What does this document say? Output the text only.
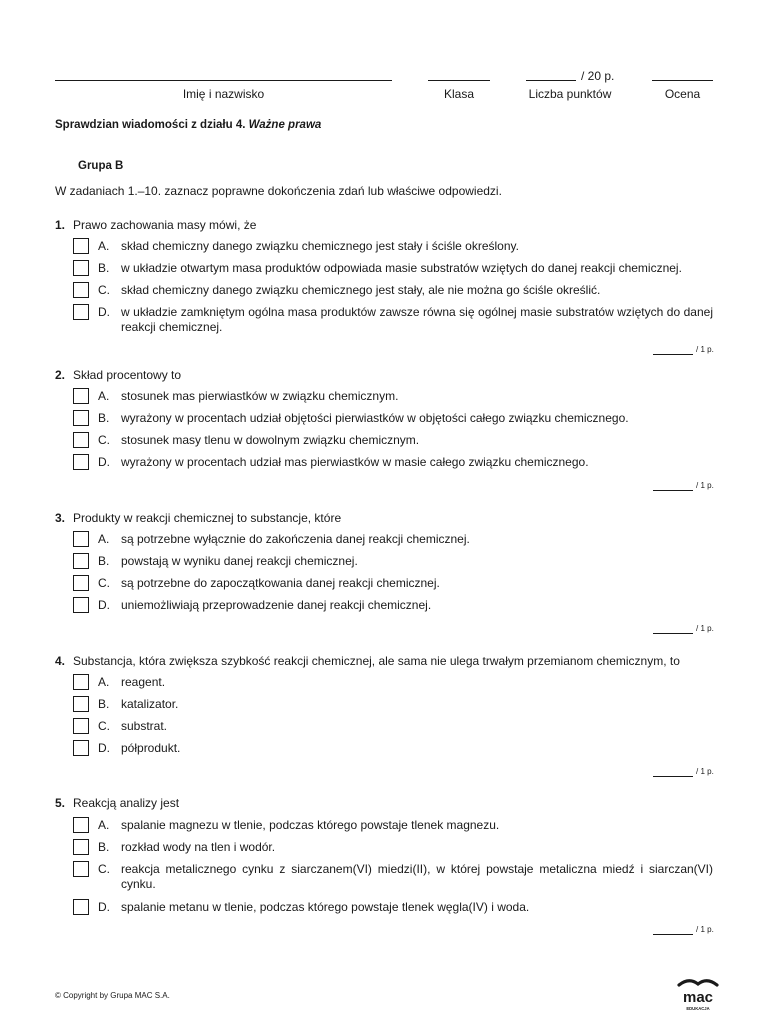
/ 20 p.
Imię i nazwisko	Klasa	Liczba punktów	Ocena
Sprawdzian wiadomości z działu 4. Ważne prawa
Grupa B
W zadaniach 1.–10. zaznacz poprawne dokończenia zdań lub właściwe odpowiedzi.
1. Prawo zachowania masy mówi, że
A. skład chemiczny danego związku chemicznego jest stały i ściśle określony.
B. w układzie otwartym masa produktów odpowiada masie substratów wziętych do danej reakcji chemicznej.
C. skład chemiczny danego związku chemicznego jest stały, ale nie można go ściśle określić.
D. w układzie zamkniętym ogólna masa produktów zawsze równa się ogólnej masie substratów wziętych do danej reakcji chemicznej.
/ 1 p.
2. Skład procentowy to
A. stosunek mas pierwiastków w związku chemicznym.
B. wyrażony w procentach udział objętości pierwiastków w objętości całego związku chemicznego.
C. stosunek masy tlenu w dowolnym związku chemicznym.
D. wyrażony w procentach udział mas pierwiastków w masie całego związku chemicznego.
/ 1 p.
3. Produkty w reakcji chemicznej to substancje, które
A. są potrzebne wyłącznie do zakończenia danej reakcji chemicznej.
B. powstają w wyniku danej reakcji chemicznej.
C. są potrzebne do zapoczątkowania danej reakcji chemicznej.
D. uniemożliwiają przeprowadzenie danej reakcji chemicznej.
/ 1 p.
4. Substancja, która zwiększa szybkość reakcji chemicznej, ale sama nie ulega trwałym przemianom chemicznym, to
A. reagent.
B. katalizator.
C. substrat.
D. półprodukt.
/ 1 p.
5. Reakcją analizy jest
A. spalanie magnezu w tlenie, podczas którego powstaje tlenek magnezu.
B. rozkład wody na tlen i wodór.
C. reakcja metalicznego cynku z siarczanem(VI) miedzi(II), w której powstaje metaliczna miedź i siarczan(VI) cynku.
D. spalanie metanu w tlenie, podczas którego powstaje tlenek węgla(IV) i woda.
/ 1 p.
© Copyright by Grupa MAC S.A.	mac
EDUKACJA
